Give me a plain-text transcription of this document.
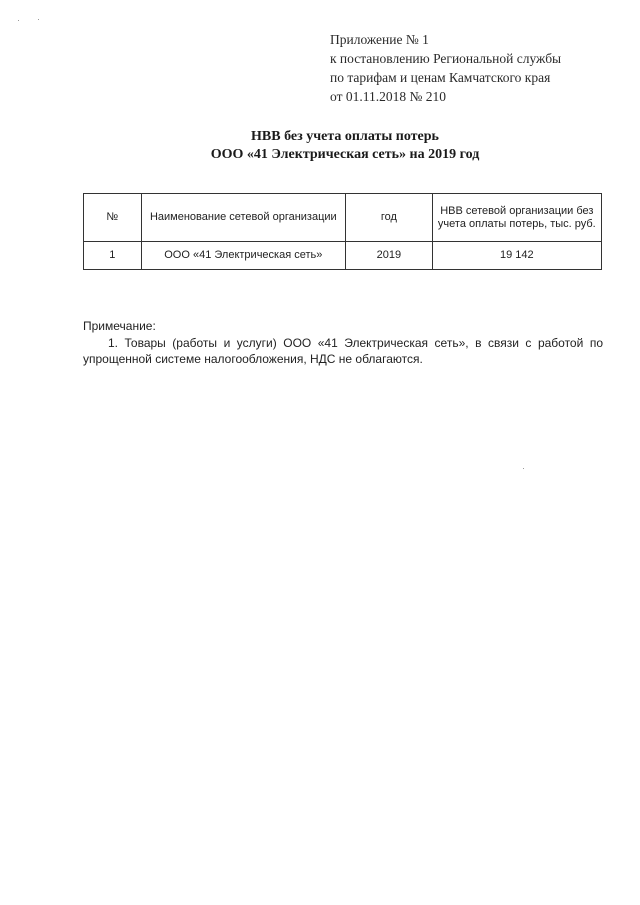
Приложение № 1
к постановлению Региональной службы
по тарифам и ценам Камчатского края
от 01.11.2018 № 210
НВВ без учета оплаты потерь
ООО «41 Электрическая сеть» на 2019 год
№	Наименование сетевой организации	год	НВВ сетевой организации без учета оплаты потерь, тыс. руб.
1	ООО «41 Электрическая сеть»	2019	19 142
Примечание:
1. Товары (работы и услуги) ООО «41 Электрическая сеть», в связи с работой по упрощенной системе налогообложения, НДС не облагаются.
